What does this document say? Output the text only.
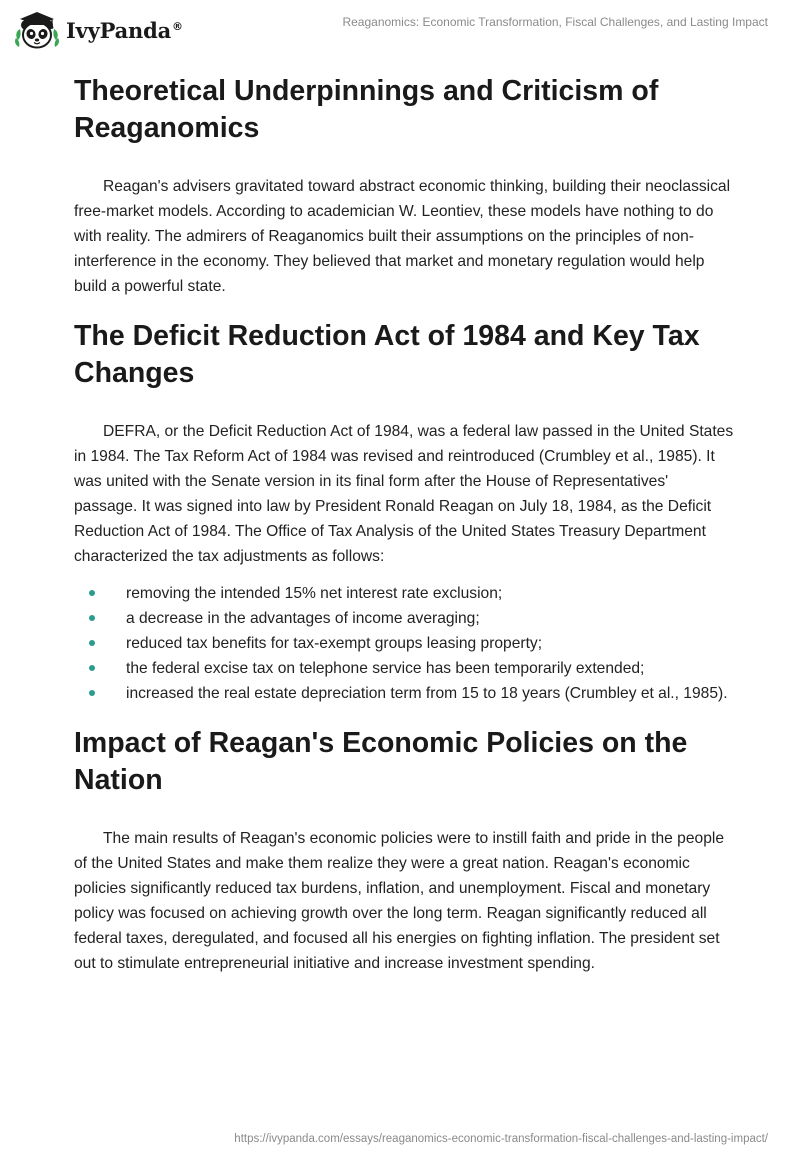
IvyPanda®	Reaganomics: Economic Transformation, Fiscal Challenges, and Lasting Impact
Theoretical Underpinnings and Criticism of Reaganomics

Reagan's advisers gravitated toward abstract economic thinking, building their neoclassical free-market models. According to academician W. Leontiev, these models have nothing to do with reality. The admirers of Reaganomics built their assumptions on the principles of non-interference in the economy. They believed that market and monetary regulation would help build a powerful state.

The Deficit Reduction Act of 1984 and Key Tax Changes

DEFRA, or the Deficit Reduction Act of 1984, was a federal law passed in the United States in 1984. The Tax Reform Act of 1984 was revised and reintroduced (Crumbley et al., 1985). It was united with the Senate version in its final form after the House of Representatives' passage. It was signed into law by President Ronald Reagan on July 18, 1984, as the Deficit Reduction Act of 1984. The Office of Tax Analysis of the United States Treasury Department characterized the tax adjustments as follows:

removing the intended 15% net interest rate exclusion;
a decrease in the advantages of income averaging;
reduced tax benefits for tax-exempt groups leasing property;
the federal excise tax on telephone service has been temporarily extended;
increased the real estate depreciation term from 15 to 18 years (Crumbley et al., 1985).
Impact of Reagan's Economic Policies on the Nation

The main results of Reagan's economic policies were to instill faith and pride in the people of the United States and make them realize they were a great nation. Reagan's economic policies significantly reduced tax burdens, inflation, and unemployment. Fiscal and monetary policy was focused on achieving growth over the long term. Reagan significantly reduced all federal taxes, deregulated, and focused all his energies on fighting inflation. The president set out to stimulate entrepreneurial initiative and increase investment spending.

https://ivypanda.com/essays/reaganomics-economic-transformation-fiscal-challenges-and-lasting-impact/
